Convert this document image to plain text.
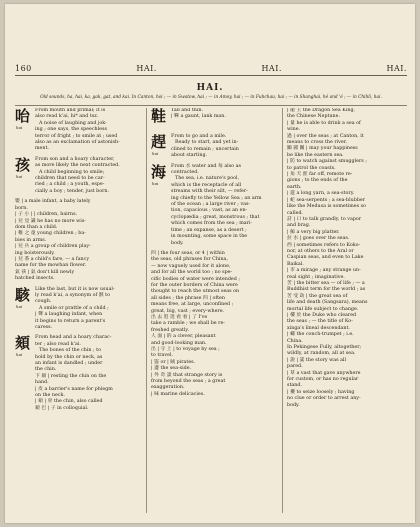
160	HAI.	HAI.	HAI.
HAI.
Old sounds, ha, hai, ka, gak, gat, and kai. In Canton, hoi ; — in Swatow, hai ; — in Amoy, hai ; — in Fuhchau, hai ; — in Shanghai, hé and 'é ; — in Chihli, hai.
咍
hai

From mouth and primal; it is

also read k‘ai, hi* and tsz.

A noise of laughing and jok-

ing ; one says, the speechless

terror of fright ; to smile at ; used

also as an exclamation of astonish-

ment.

孩
hai

From son and a hoary character,

as more likely the next contracted.

A child beginning to smile;

children that need to be car-

ried ; a child ; a youth, espe-

cially a boy ; tender, just born.

嬰 | a male infant, a baby lately

born.

| 子 小 | | children, bairns.

| 兒 見 識 he has no more wis-

dom than a child.

| 稚 之 童 young children ; ba-

bies in arms.

| 兒 兵 a group of children play-

ing boisterously.

| 兒 茶 a child's fare, — a fancy

name for the mowhan flower.

氣 孩 | 氣 don't kill newly

hatched insects.

駭
hai

Like the last, but it is now usual-

ly read k‘ai, a synonym of 骸 to

cough.

A smile or prattle of a child ;

| 聲 a laughing infant, when

it begins to return a parent's

caress.

頦
hai

From head and a hoary charac-

ter ; also read k‘ai.

The bones of the chin ; to

hold by the chin or neck, as

an infant is dandled ; under

the chin.

下 頦 | resting the chin on the

hand.

| 皮 a barrier's name for phlegm

on the neck.

| 頦 | 骨 the chin, also called

頦 巴 | 子 in colloquial.

鞋 Tall and thin.

| 鞾 a gaunt, lank man.

趕
hai

From to go and a mile.

Ready to start, and yet in-

clined to remain ; uncertain

about starting.

海
hai

From 水 water and 每 also as

contracted.

The sea, i.e. nature's pool,

which is the receptacle of all

streams with their silt, — refer-

ing chiefly to the Yellow Sea ; an arm

of the ocean ; a large river ; vas-

tion, capacious ; vast, as an en-

cyclopædia ; great, monstrous ; that

which comes from the sea ; mari-

time ; an expanse, as a desert ;

in mounting, some space in the

body.

四 | the four seas, or 4 | within

the seas, old phrases for China,

— now vaguely used for it alone,

and for all the world too ; no spe-

cific bodies of water were intended ;

for the outer borders of China were

thought to reach the utmost seas on

all sides ; the phrase 四 | often

means free, at large, unconfined ;

great, big, vast ; every-where.

出 去 逛 逛 看 看 | 了 I've

take a ramble ; we shall be re-

freshed greatly.

人 面 | 的 a clever, pleasant

and good-looking man.

出 | 守 上 | to voyage by sea ;

to travel.

| 盜 or | 賊 pirates.

| 邊 the sea-side.

| 外 奇 談 that strange story is

from beyond the seas ; a great

exaggeration.

| 味 marine delicacies.

| 龍 王 the Dragon Sea King,

the Chinese Neptune.

| 量 he is able to drink a sea of

wine.

過 | over the seas ; at Canton, it

means to cross the river.

關 閥 關 | may your happiness

be like the eastern sea.

| 防 to watch against smugglers ;

to patrol the coasts.

| 角 天 涯 far off, remote re-

gions ; to the ends of the

earth.

| 遊 a long yarn, a sea-story.

| 蛇 sea-serpents ; a sea-blubber

like the Medusa is sometimes so

called.

詩 | 口 to talk grandly, to vapor

and brag.

| 鯨 a very big platter.

拉 水 | goes over the seas.

西 | sometimes refers to Koko-

nor, at others to the Aral or

Caspian seas, and even to Lake

Baikal.

| 市 a mirage ; any strange un-

real sight ; imaginative.

苦 | the bitter sea — of life ; — a

Buddhist term for the world ; as

苦 受 劫 | the great sea of

life and death (Sangsara), means

mortal life subject to change.

| 樓 於 the Duke who cleared

the seas ; — the title of Ko-

xinga's lineal descendant.

| 螺 the conch-trumpet ; i.e.

China.

In Pekingese Fully, altogether;

wildly, at random, all at sea.

| 說 | 謠 the story was all

pared.

| 草 a vast that gave anywhere

for custom, or has no regular

stand.

| 擾 to seize loosely ; having

no clue or order to arrest any-

body.
